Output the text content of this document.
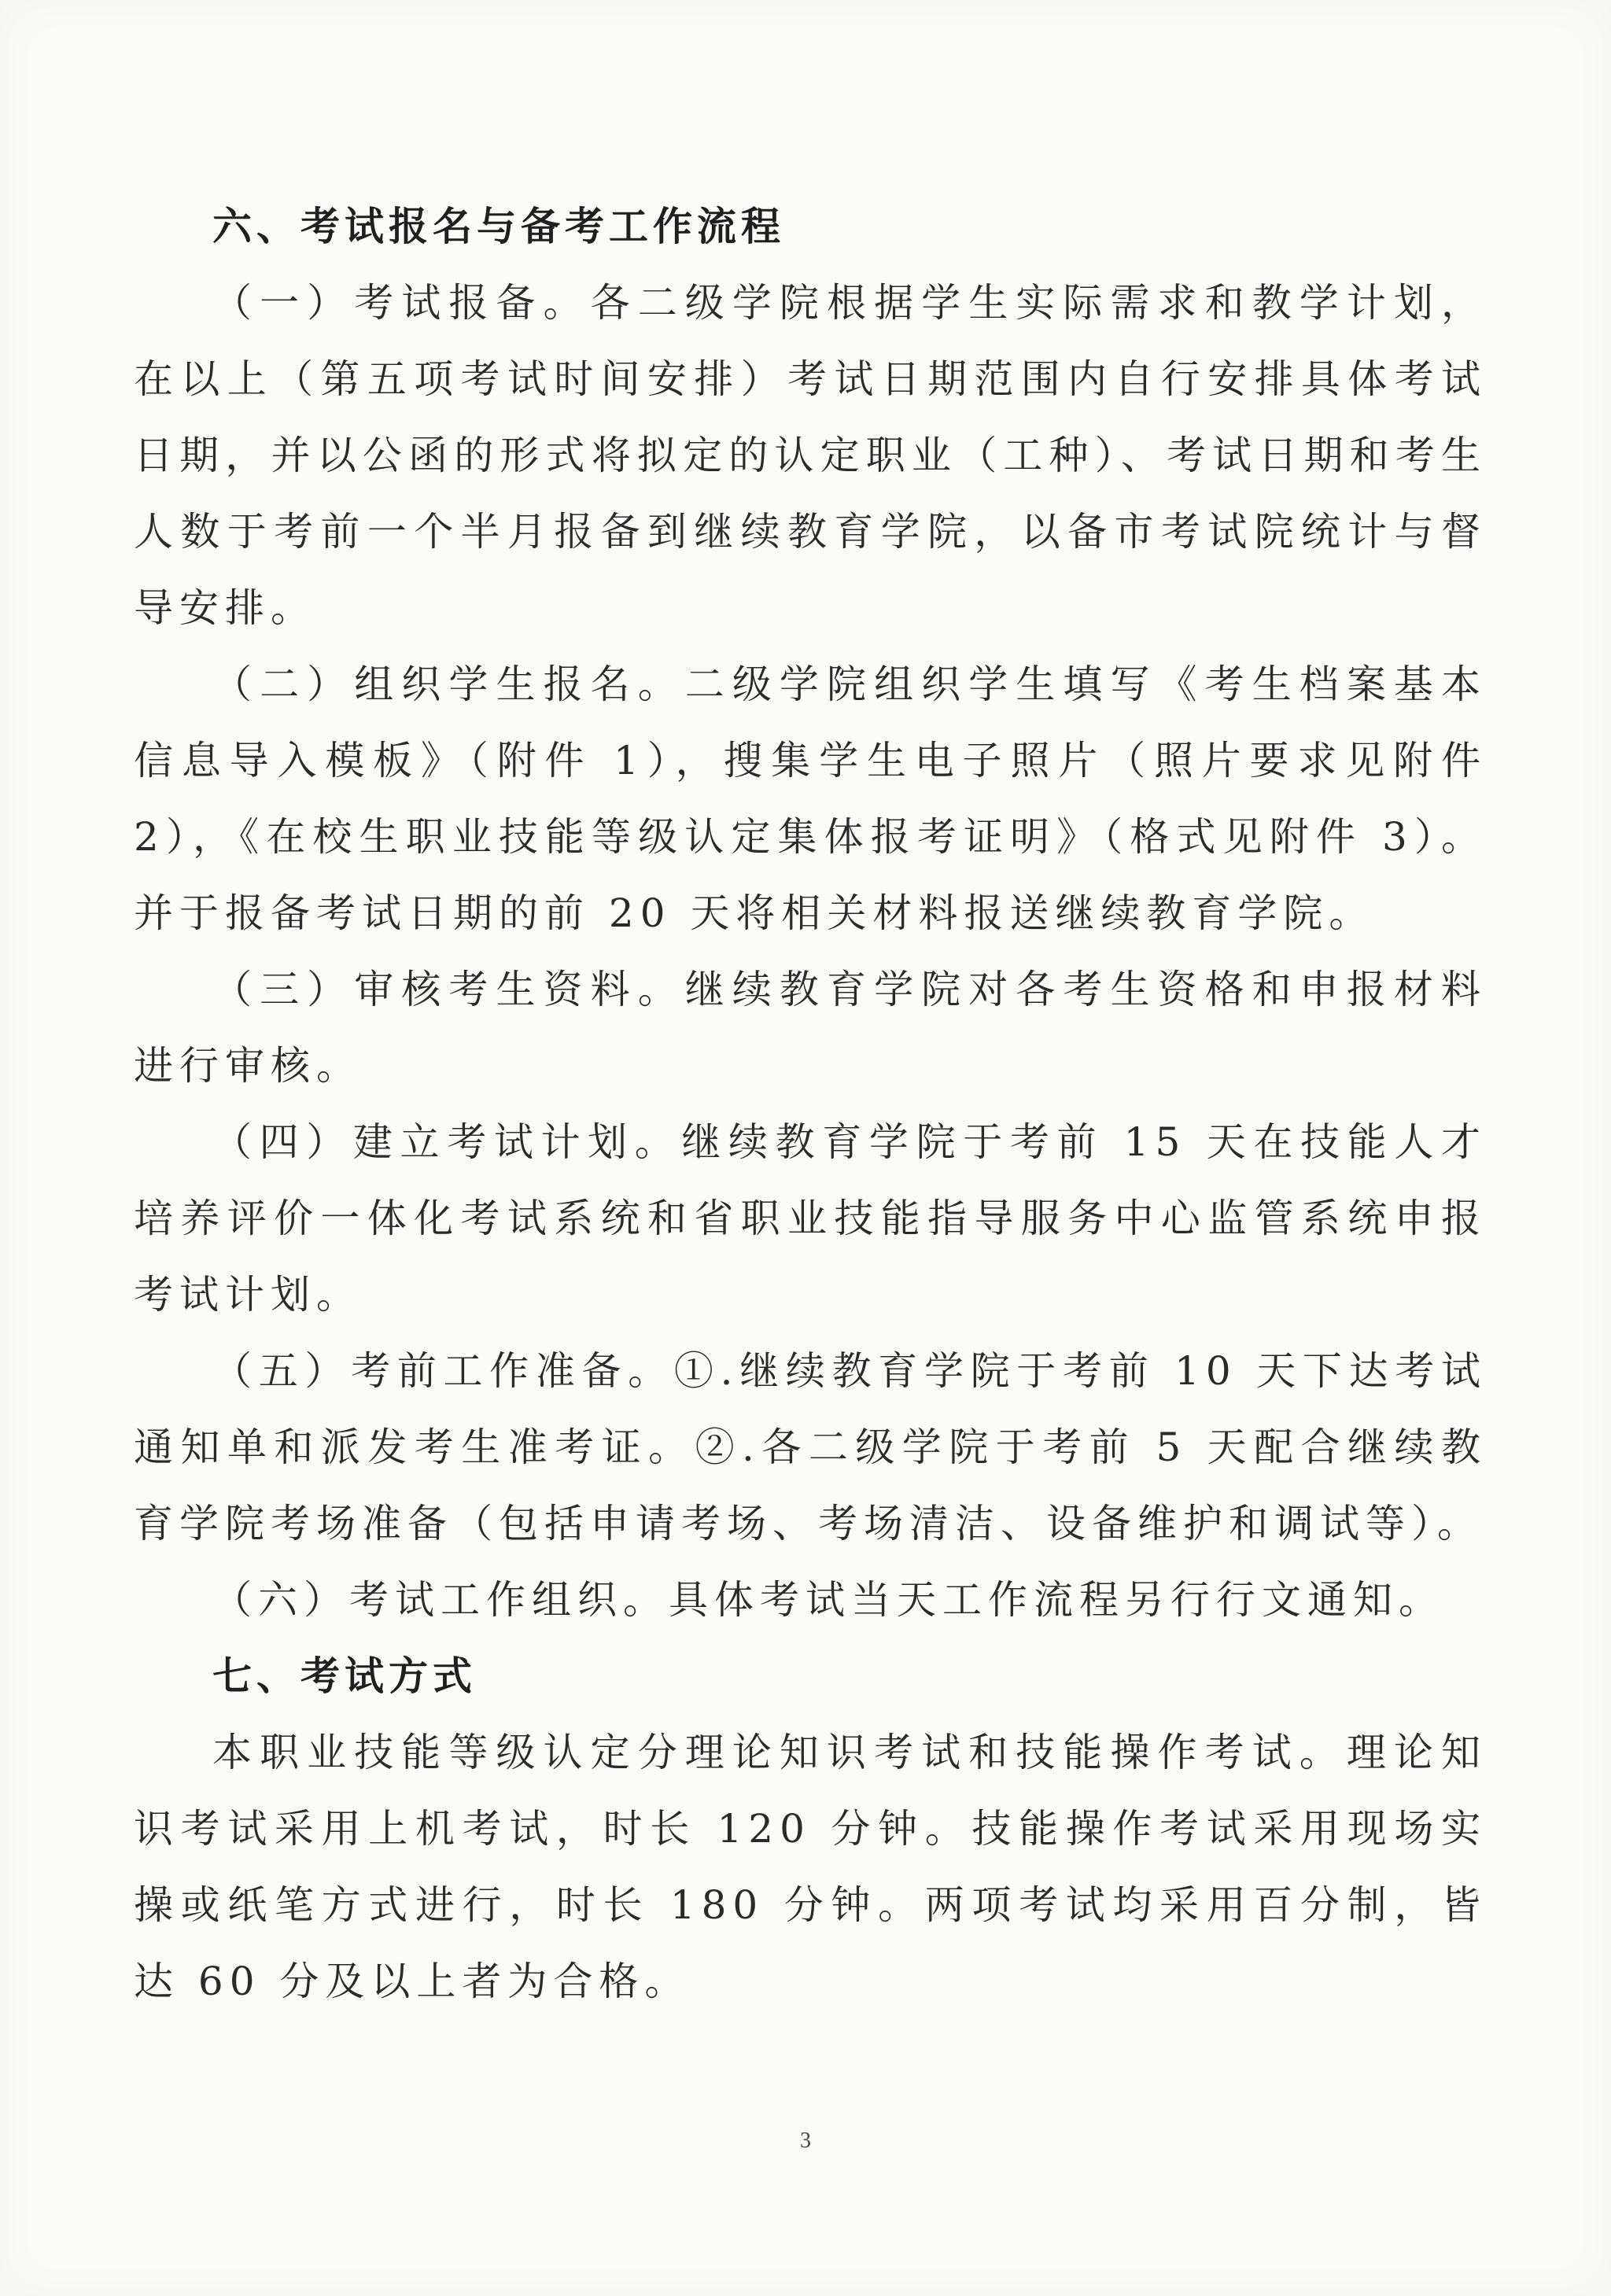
六、考试报名与备考工作流程

（一）考试报备。各二级学院根据学生实际需求和教学计划，在以上（第五项考试时间安排）考试日期范围内自行安排具体考试日期，并以公函的形式将拟定的认定职业（工种）、考试日期和考生人数于考前一个半月报备到继续教育学院，以备市考试院统计与督导安排。

（二）组织学生报名。二级学院组织学生填写《考生档案基本信息导入模板》（附件 1），搜集学生电子照片（照片要求见附件 2），《在校生职业技能等级认定集体报考证明》（格式见附件 3）。并于报备考试日期的前 20 天将相关材料报送继续教育学院。

（三）审核考生资料。继续教育学院对各考生资格和申报材料进行审核。

（四）建立考试计划。继续教育学院于考前 15 天在技能人才培养评价一体化考试系统和省职业技能指导服务中心监管系统申报考试计划。

（五）考前工作准备。①.继续教育学院于考前 10 天下达考试通知单和派发考生准考证。②.各二级学院于考前 5 天配合继续教育学院考场准备（包括申请考场、考场清洁、设备维护和调试等）。

（六）考试工作组织。具体考试当天工作流程另行行文通知。

七、考试方式

本职业技能等级认定分理论知识考试和技能操作考试。理论知识考试采用上机考试，时长 120 分钟。技能操作考试采用现场实操或纸笔方式进行，时长 180 分钟。两项考试均采用百分制，皆达 60 分及以上者为合格。

3
